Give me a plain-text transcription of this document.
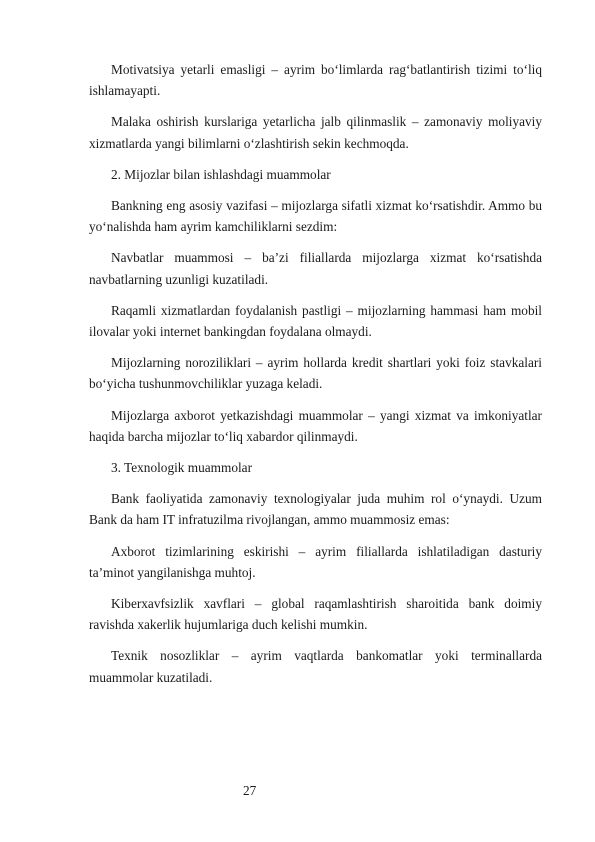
Motivatsiya yetarli emasligi – ayrim bo‘limlarda rag‘batlantirish tizimi to‘liq ishlamayapti.

Malaka oshirish kurslariga yetarlicha jalb qilinmaslik – zamonaviy moliyaviy xizmatlarda yangi bilimlarni o‘zlashtirish sekin kechmoqda.

2. Mijozlar bilan ishlashdagi muammolar

Bankning eng asosiy vazifasi – mijozlarga sifatli xizmat ko‘rsatishdir. Ammo bu yo‘nalishda ham ayrim kamchiliklarni sezdim:

Navbatlar muammosi – ba’zi filiallarda mijozlarga xizmat ko‘rsatishda navbatlarning uzunligi kuzatiladi.

Raqamli xizmatlardan foydalanish pastligi – mijozlarning hammasi ham mobil ilovalar yoki internet bankingdan foydalana olmaydi.

Mijozlarning noroziliklari – ayrim hollarda kredit shartlari yoki foiz stavkalari bo‘yicha tushunmovchiliklar yuzaga keladi.

Mijozlarga axborot yetkazishdagi muammolar – yangi xizmat va imkoniyatlar haqida barcha mijozlar to‘liq xabardor qilinmaydi.

3. Texnologik muammolar

Bank faoliyatida zamonaviy texnologiyalar juda muhim rol o‘ynaydi. Uzum Bank da ham IT infratuzilma rivojlangan, ammo muammosiz emas:

Axborot tizimlarining eskirishi – ayrim filiallarda ishlatiladigan dasturiy ta’minot yangilanishga muhtoj.

Kiberxavfsizlik xavflari – global raqamlashtirish sharoitida bank doimiy ravishda xakerlik hujumlariga duch kelishi mumkin.

Texnik nosozliklar – ayrim vaqtlarda bankomatlar yoki terminallarda muammolar kuzatiladi.

27
